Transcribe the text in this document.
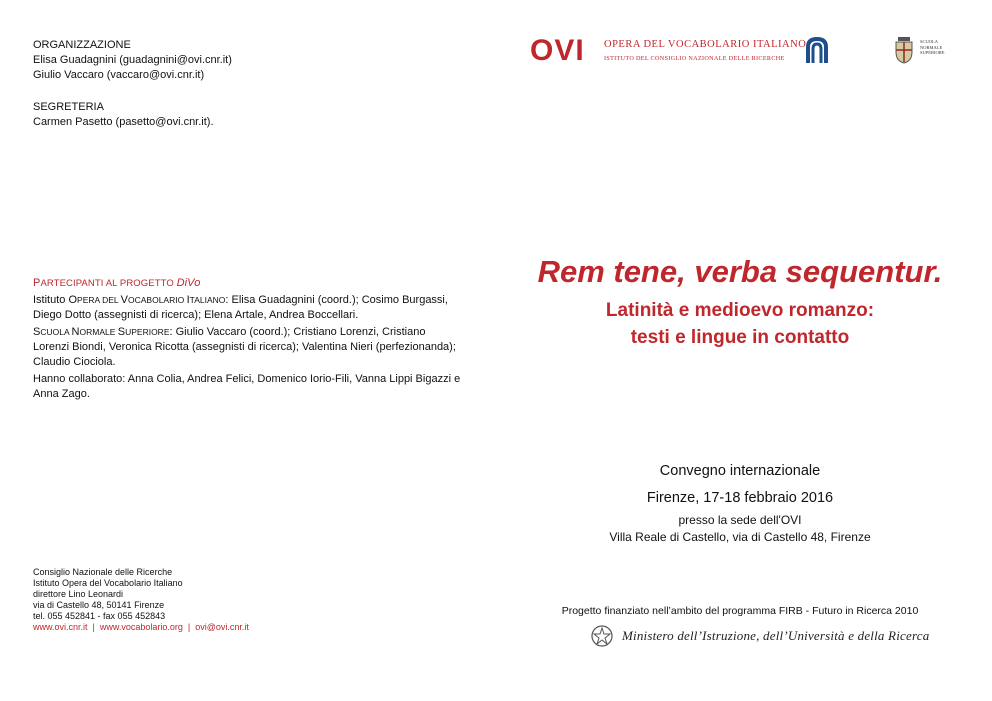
ORGANIZZAZIONE

Elisa Guadagnini (guadagnini@ovi.cnr.it)

Giulio Vaccaro (vaccaro@ovi.cnr.it)

SEGRETERIA

Carmen Pasetto (pasetto@ovi.cnr.it).

PARTECIPANTI AL PROGETTO DiVo

Istituto OPERA DEL VOCABOLARIO ITALIANO: Elisa Guadagnini (coord.); Cosimo Burgassi, Diego Dotto (assegnisti di ricerca); Elena Artale, Andrea Boccellari.

SCUOLA NORMALE SUPERIORE: Giulio Vaccaro (coord.); Cristiano Lorenzi, Cristiano Lorenzi Biondi, Veronica Ricotta (assegnisti di ricerca); Valentina Nieri (perfezionanda); Claudio Ciociola.

Hanno collaborato: Anna Colia, Andrea Felici, Domenico Iorio-Fili, Vanna Lippi Bigazzi e Anna Zago.

Consiglio Nazionale delle Ricerche

Istituto Opera del Vocabolario Italiano

direttore Lino Leonardi

via di Castello 48, 50141 Firenze

tel. 055 452841 - fax 055 452843

www.ovi.cnr.it  |  www.vocabolario.org  |  ovi@ovi.cnr.it

OVI OPERA DEL VOCABOLARIO ITALIANO
ISTITUTO DEL CONSIGLIO NAZIONALE DELLE RICERCHE
SCUOLA
NORMALE
SUPERIORE
Rem tene, verba sequentur.
Latinità e medioevo romanzo:
testi e lingue in contatto
Convegno internazionale
Firenze, 17-18 febbraio 2016

presso la sede dell'OVI

Villa Reale di Castello, via di Castello 48, Firenze

Progetto finanziato nell’ambito del programma FIRB - Futuro in Ricerca 2010
Ministero dell’Istruzione, dell’Università e della Ricerca
